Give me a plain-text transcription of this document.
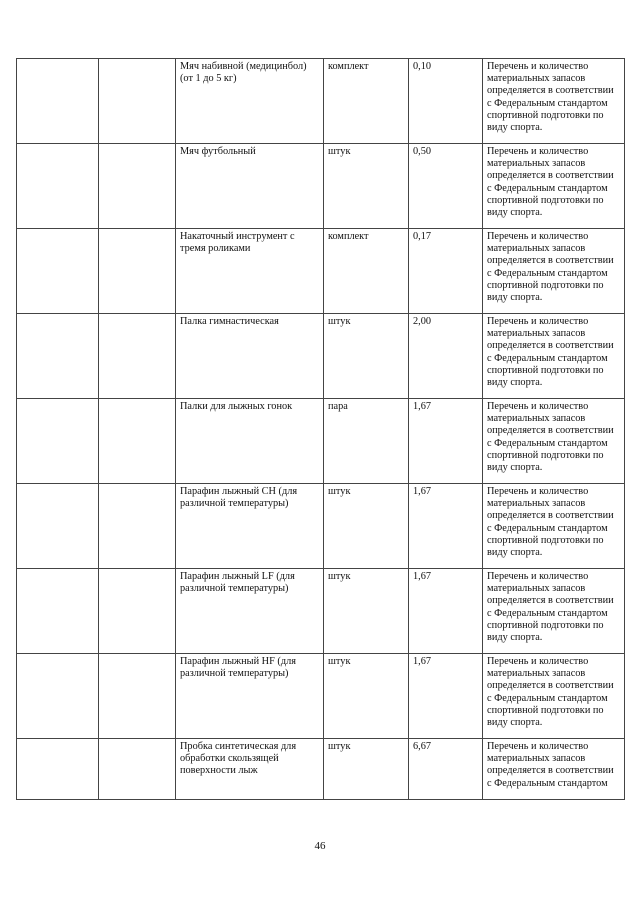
		Мяч набивной (медицинбол) (от 1 до 5 кг)	комплект	0,10	Перечень и количество материальных запасов определяется в соответствии с Федеральным стандартом спортивной подготовки по виду спорта.
		Мяч футбольный	штук	0,50	Перечень и количество материальных запасов определяется в соответствии с Федеральным стандартом спортивной подготовки по виду спорта.
		Накаточный инструмент с тремя роликами	комплект	0,17	Перечень и количество материальных запасов определяется в соответствии с Федеральным стандартом спортивной подготовки по виду спорта.
		Палка гимнастическая	штук	2,00	Перечень и количество материальных запасов определяется в соответствии с Федеральным стандартом спортивной подготовки по виду спорта.
		Палки для лыжных гонок	пара	1,67	Перечень и количество материальных запасов определяется в соответствии с Федеральным стандартом спортивной подготовки по виду спорта.
		Парафин лыжный СН (для различной температуры)	штук	1,67	Перечень и количество материальных запасов определяется в соответствии с Федеральным стандартом спортивной подготовки по виду спорта.
		Парафин лыжный LF (для различной температуры)	штук	1,67	Перечень и количество материальных запасов определяется в соответствии с Федеральным стандартом спортивной подготовки по виду спорта.
		Парафин лыжный HF (для различной температуры)	штук	1,67	Перечень и количество материальных запасов определяется в соответствии с Федеральным стандартом спортивной подготовки по виду спорта.
		Пробка синтетическая для обработки скользящей поверхности лыж	штук	6,67	Перечень и количество материальных запасов определяется в соответствии с Федеральным стандартом
46
